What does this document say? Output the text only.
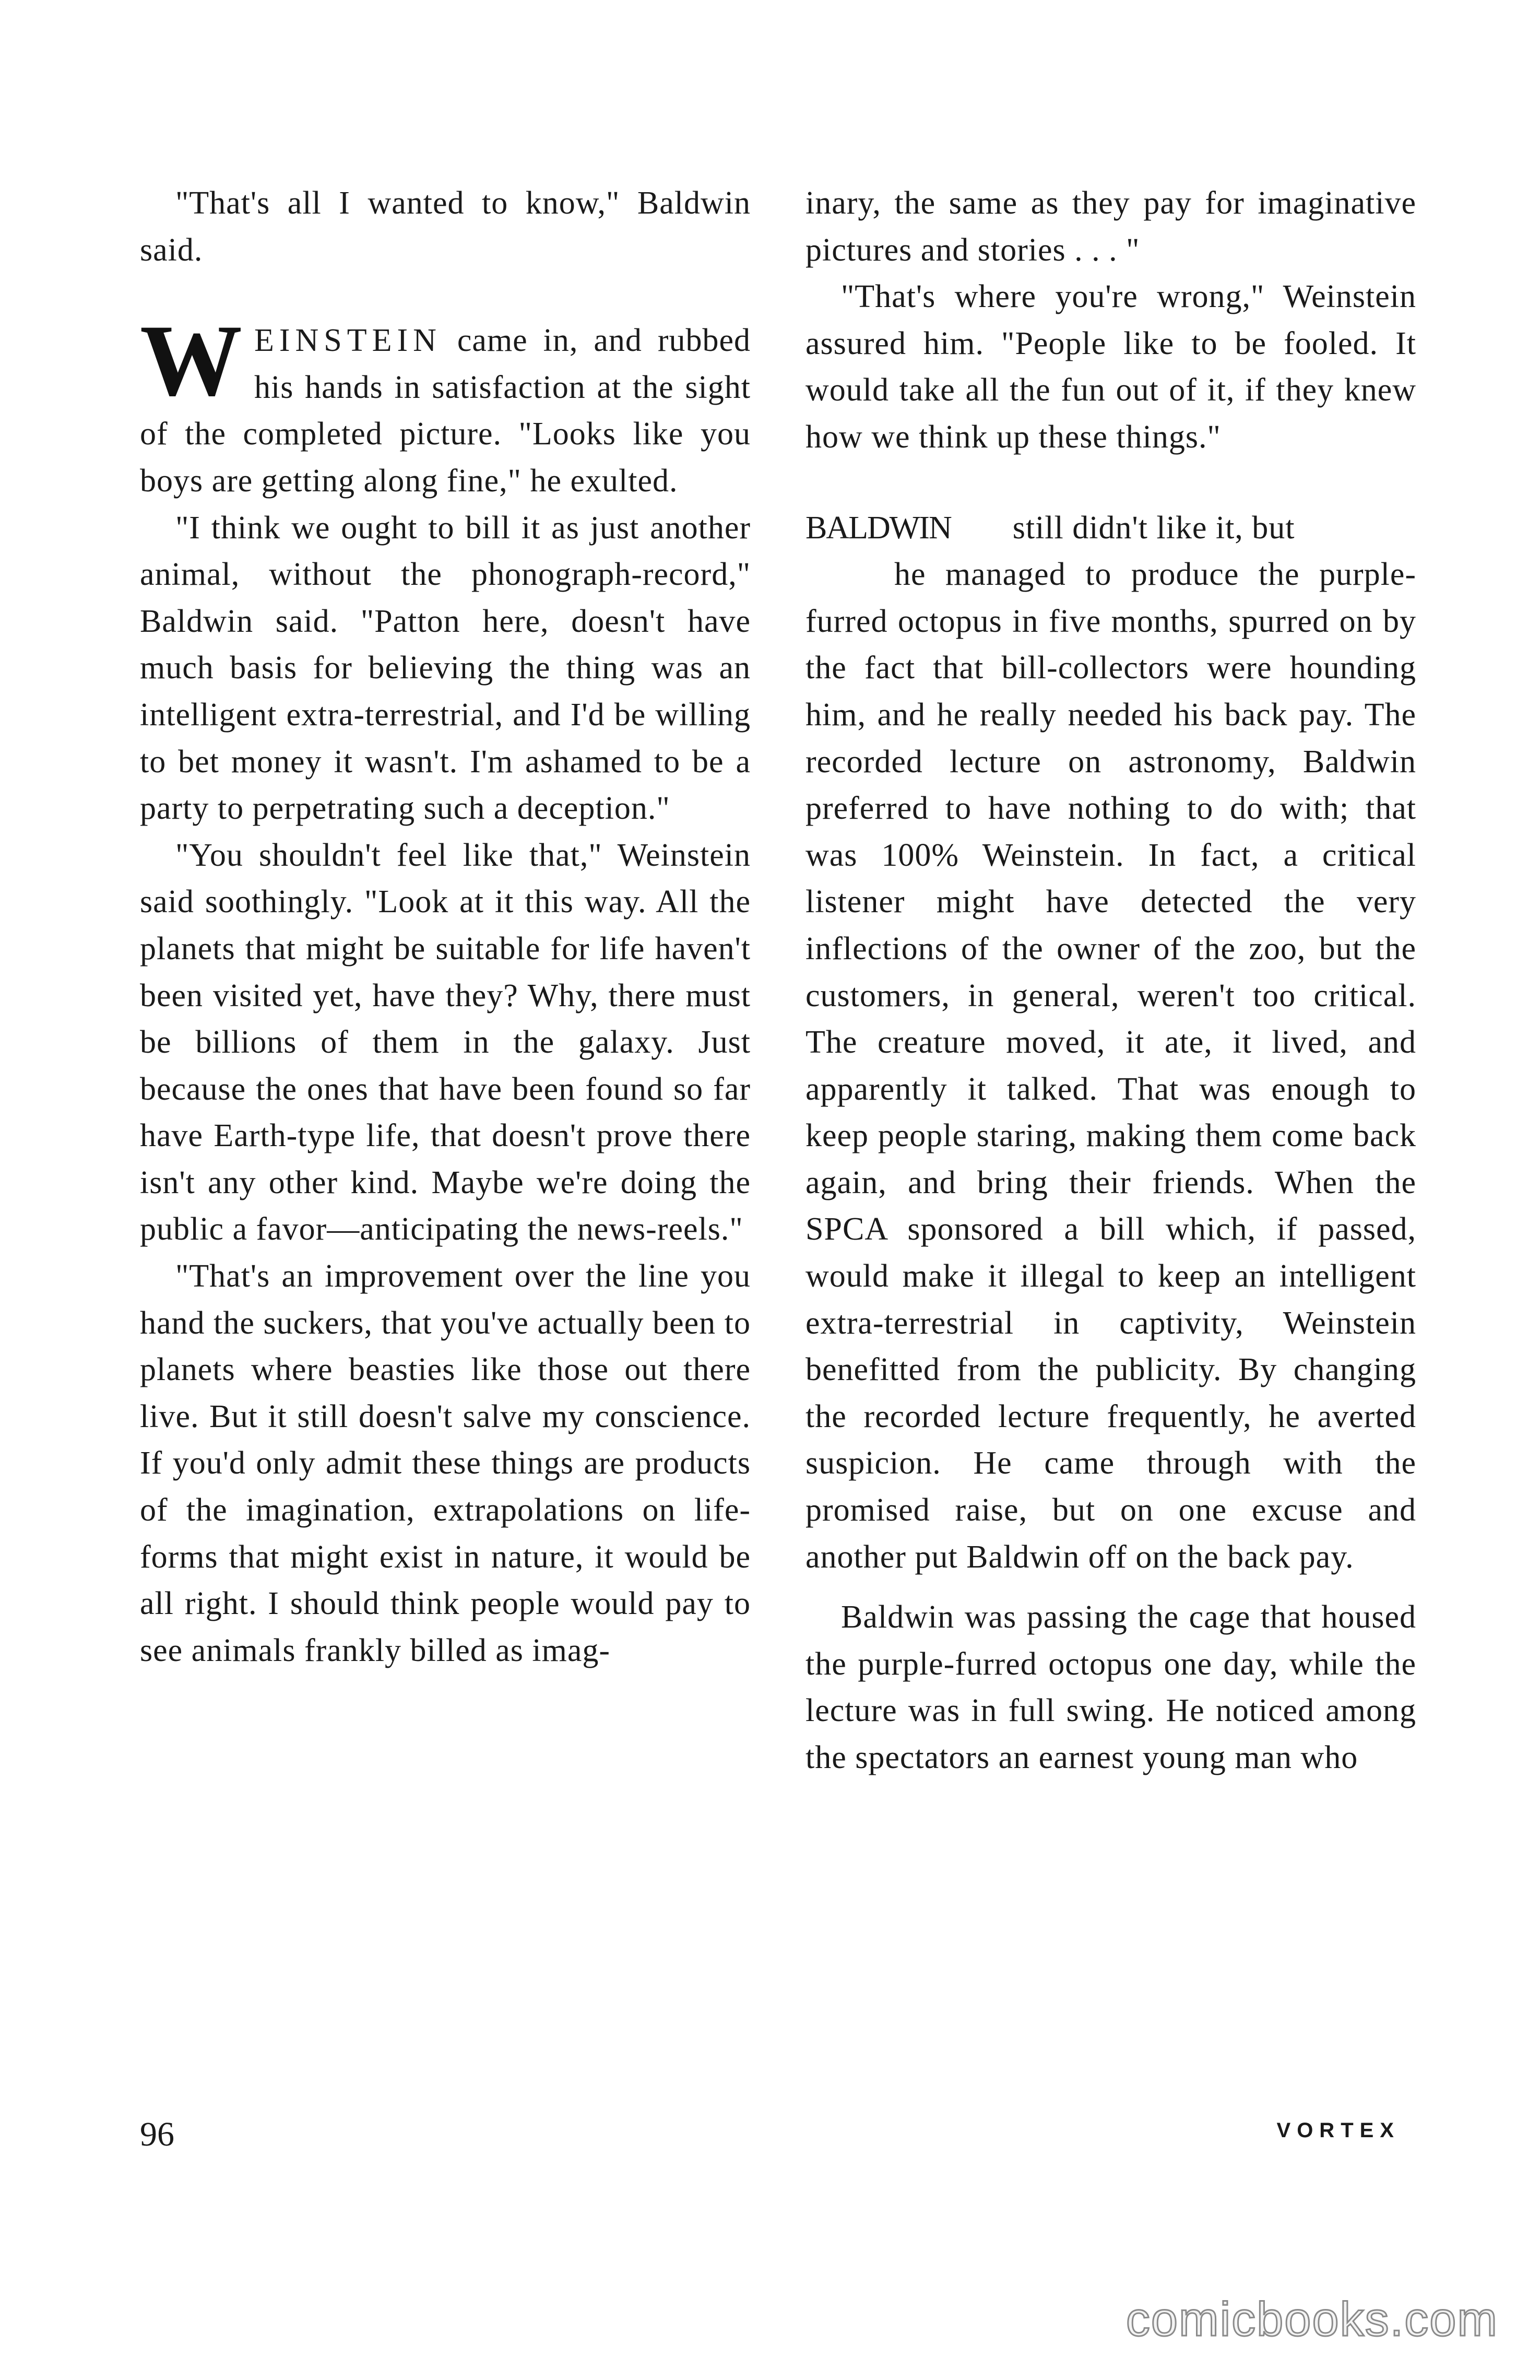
"That's all I wanted to know," Baldwin said.

WEINSTEIN came in, and rubbed his hands in satisfaction at the sight of the completed picture. "Looks like you boys are getting along fine," he exulted.

"I think we ought to bill it as just another animal, without the phonograph-record," Baldwin said. "Patton here, doesn't have much basis for believing the thing was an intelligent extra-terrestrial, and I'd be willing to bet money it wasn't. I'm ashamed to be a party to perpetrating such a deception."

"You shouldn't feel like that," Weinstein said soothingly. "Look at it this way. All the planets that might be suitable for life haven't been visited yet, have they? Why, there must be billions of them in the galaxy. Just because the ones that have been found so far have Earth-type life, that doesn't prove there isn't any other kind. Maybe we're doing the public a favor—anticipating the news-reels."

"That's an improvement over the line you hand the suckers, that you've actually been to planets where beasties like those out there live. But it still doesn't salve my conscience. If you'd only admit these things are products of the imagination, extrapolations on life-forms that might exist in nature, it would be all right. I should think people would pay to see animals frankly billed as imag-

inary, the same as they pay for imaginative pictures and stories . . . "

"That's where you're wrong," Weinstein assured him. "People like to be fooled. It would take all the fun out of it, if they knew how we think up these things."

BALDWIN still didn't like it, but
he managed to produce the purple-furred octopus in five months, spurred on by the fact that bill-collectors were hounding him, and he really needed his back pay. The recorded lecture on astronomy, Baldwin preferred to have nothing to do with; that was 100% Weinstein. In fact, a critical listener might have detected the very inflections of the owner of the zoo, but the customers, in general, weren't too critical. The creature moved, it ate, it lived, and apparently it talked. That was enough to keep people staring, making them come back again, and bring their friends. When the SPCA sponsored a bill which, if passed, would make it illegal to keep an intelligent extra-terrestrial in captivity, Weinstein benefitted from the publicity. By changing the recorded lecture frequently, he averted suspicion. He came through with the promised raise, but on one excuse and another put Baldwin off on the back pay.

Baldwin was passing the cage that housed the purple-furred octopus one day, while the lecture was in full swing. He noticed among the spectators an earnest young man who

96	VORTEX
comicbooks.com
